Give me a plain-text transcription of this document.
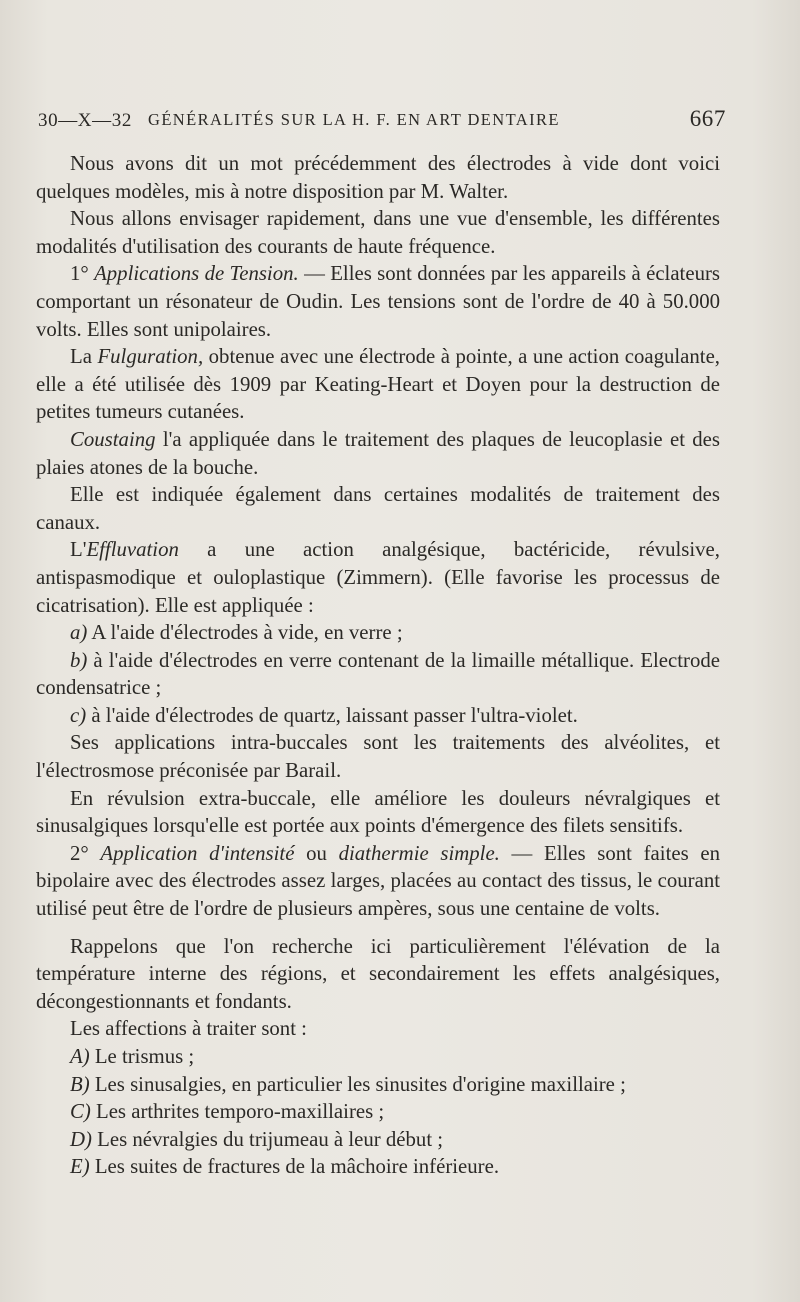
30—X—32 GÉNÉRALITÉS SUR LA H. F. EN ART DENTAIRE	667

Nous avons dit un mot précédemment des électrodes à vide dont voici quelques modèles, mis à notre disposition par M. Walter.

Nous allons envisager rapidement, dans une vue d'ensemble, les différentes modalités d'utilisation des courants de haute fréquence.

1° Applications de Tension. — Elles sont données par les appareils à éclateurs comportant un résonateur de Oudin. Les tensions sont de l'ordre de 40 à 50.000 volts. Elles sont unipolaires.

La Fulguration, obtenue avec une électrode à pointe, a une action coagulante, elle a été utilisée dès 1909 par Keating-Heart et Doyen pour la destruction de petites tumeurs cutanées.

Coustaing l'a appliquée dans le traitement des plaques de leucoplasie et des plaies atones de la bouche.

Elle est indiquée également dans certaines modalités de traitement des canaux.

L'Effluvation a une action analgésique, bactéricide, révulsive, antispasmodique et ouloplastique (Zimmern). (Elle favorise les processus de cicatrisation). Elle est appliquée :

a) A l'aide d'électrodes à vide, en verre ;

b) à l'aide d'électrodes en verre contenant de la limaille métallique. Electrode condensatrice ;

c) à l'aide d'électrodes de quartz, laissant passer l'ultra-violet.

Ses applications intra-buccales sont les traitements des alvéolites, et l'électrosmose préconisée par Barail.

En révulsion extra-buccale, elle améliore les douleurs névralgiques et sinusalgiques lorsqu'elle est portée aux points d'émergence des filets sensitifs.

2° Application d'intensité ou diathermie simple. — Elles sont faites en bipolaire avec des électrodes assez larges, placées au contact des tissus, le courant utilisé peut être de l'ordre de plusieurs ampères, sous une centaine de volts.

Rappelons que l'on recherche ici particulièrement l'élévation de la température interne des régions, et secondairement les effets analgésiques, décongestionnants et fondants.

Les affections à traiter sont :

A) Le trismus ;

B) Les sinusalgies, en particulier les sinusites d'origine maxillaire ;

C) Les arthrites temporo-maxillaires ;

D) Les névralgies du trijumeau à leur début ;

E) Les suites de fractures de la mâchoire inférieure.
